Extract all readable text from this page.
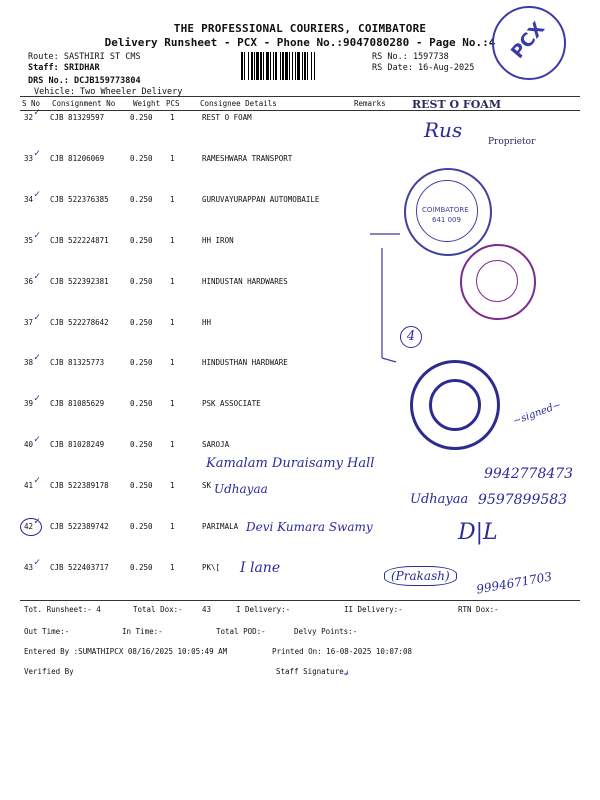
THE PROFESSIONAL COURIERS, COIMBATORE
Delivery Runsheet - PCX - Phone No.:9047080280 - Page No.:4
Route: SASTHIRI ST CMS
Staff: SRIDHAR
DRS No.: DCJB159773804
Vehicle: Two Wheeler Delivery
RS No.: 1597738
RS Date: 16-Aug-2025
PCX
S No Consignment No Weight PCS	Consignee Details	Remarks
32 ✓ CJB 81329597	0.250 1	REST O FOAM
33 ✓ CJB 81206069	0.250 1	RAMESHWARA TRANSPORT
34 ✓ CJB 522376385	0.250 1	GURUVAYURAPPAN AUTOMOBAILE
35 ✓ CJB 522224871	0.250 1	HH IRON
36 ✓ CJB 522392381	0.250 1	HINDUSTAN HARDWARES
37 ✓ CJB 522278642	0.250 1	HH
38 ✓ CJB 81325773	0.250 1	HINDUSTHAN HARDWARE
39 ✓ CJB 81085629	0.250 1	PSK ASSOCIATE
40 ✓ CJB 81028249	0.250 1	SAROJA
41 ✓ CJB 522389178	0.250 1	SK
42 ✓ CJB 522389742	0.250 1	PARIMALA
43 ✓ CJB 522403717	0.250 1	PK\[
REST O FOAM
Rus	Proprietor
COIMBATORE
641 009
4
~signed~
Kamalam Duraisamy Hall
9942778473
Udhayaa
Udhayaa 9597899583
Devi Kumara Swamy	D|L
I lane	(Prakash)	9994671703
Tot. Runsheet:- 4	Total Dox:-	43	I Delivery:-	II Delivery:-	RTN Dox:-
Out Time:-	In Time:-	Total POD:-	Delvy Points:-
Entered By :SUMATHIPCX 08/16/2025 10:05:49 AM	Printed On: 16-08-2025 10:07:08
Verified By	Staff Signature 𝓈
